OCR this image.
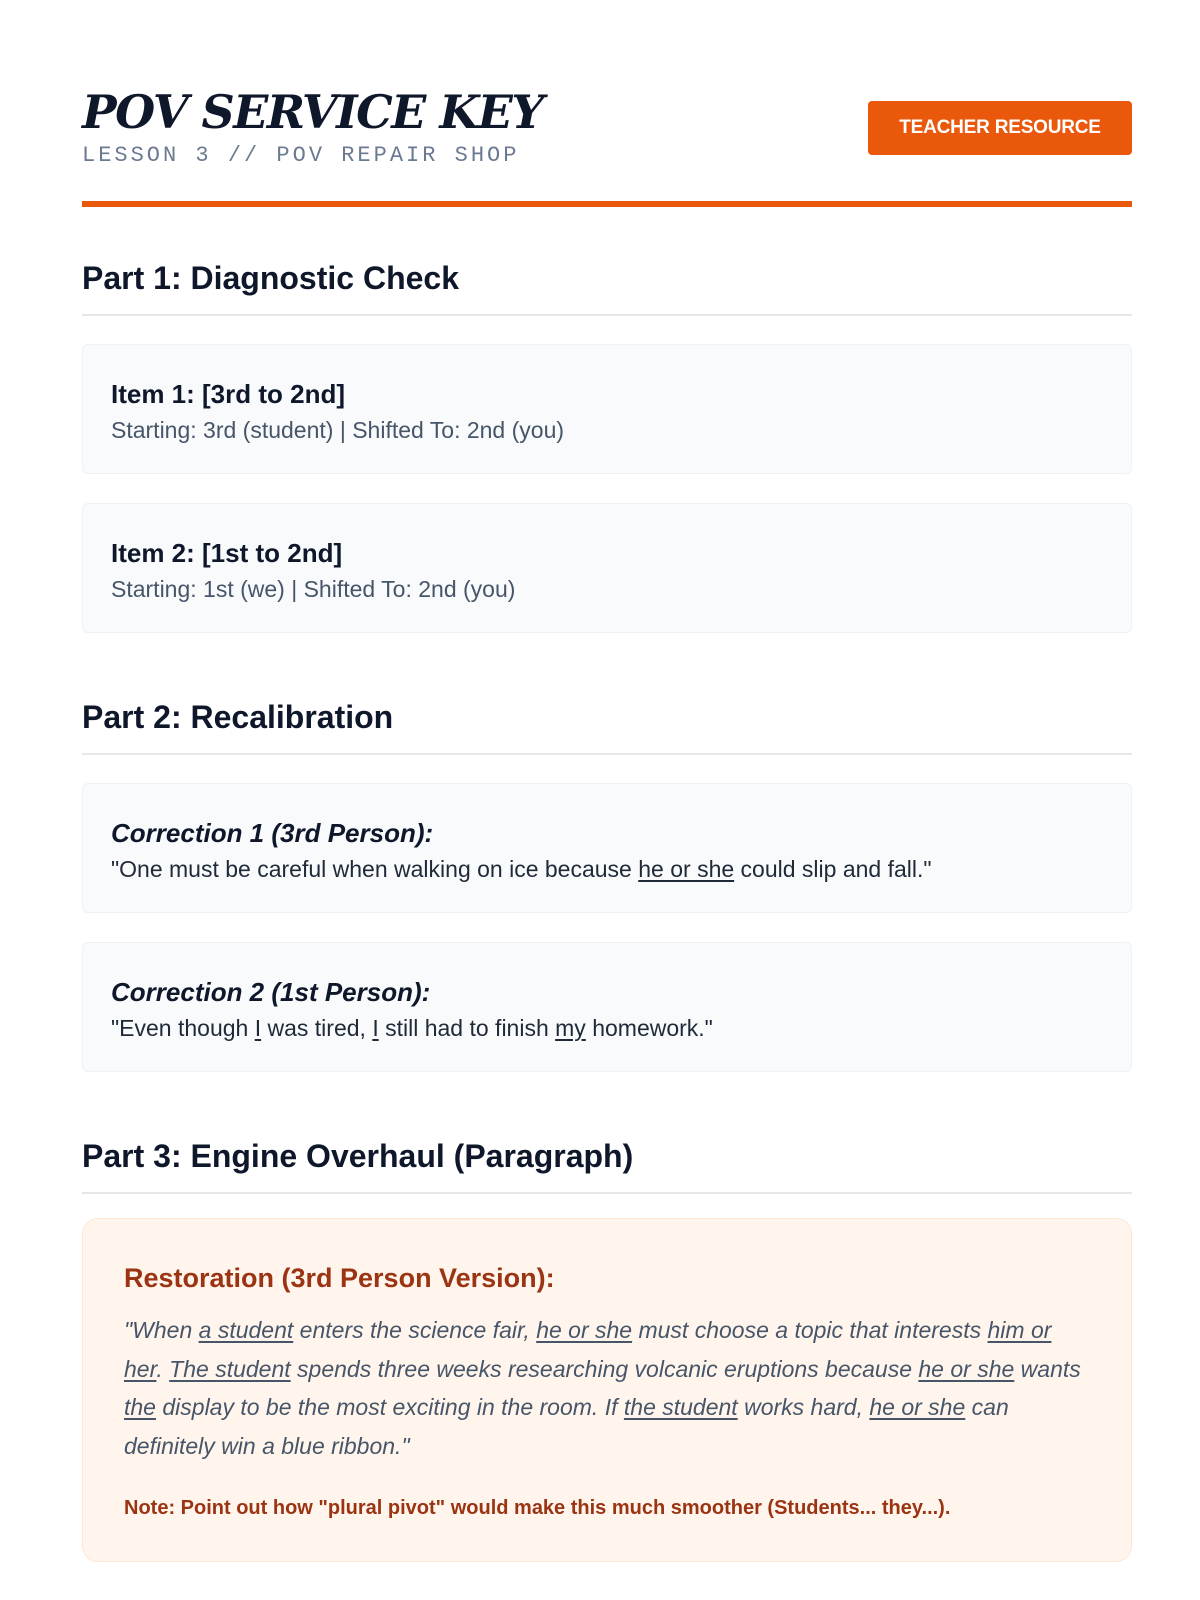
POV SERVICE KEY
LESSON 3 // POV REPAIR SHOP
TEACHER RESOURCE
Part 1: Diagnostic Check
Item 1: [3rd to 2nd]
Starting: 3rd (student) | Shifted To: 2nd (you)
Item 2: [1st to 2nd]
Starting: 1st (we) | Shifted To: 2nd (you)
Part 2: Recalibration
Correction 1 (3rd Person):
"One must be careful when walking on ice because he or she could slip and fall."
Correction 2 (1st Person):
"Even though I was tired, I still had to finish my homework."
Part 3: Engine Overhaul (Paragraph)
Restoration (3rd Person Version):
"When a student enters the science fair, he or she must choose a topic that interests him or her. The student spends three weeks researching volcanic eruptions because he or she wants the display to be the most exciting in the room. If the student works hard, he or she can definitely win a blue ribbon."
Note: Point out how "plural pivot" would make this much smoother (Students... they...).
